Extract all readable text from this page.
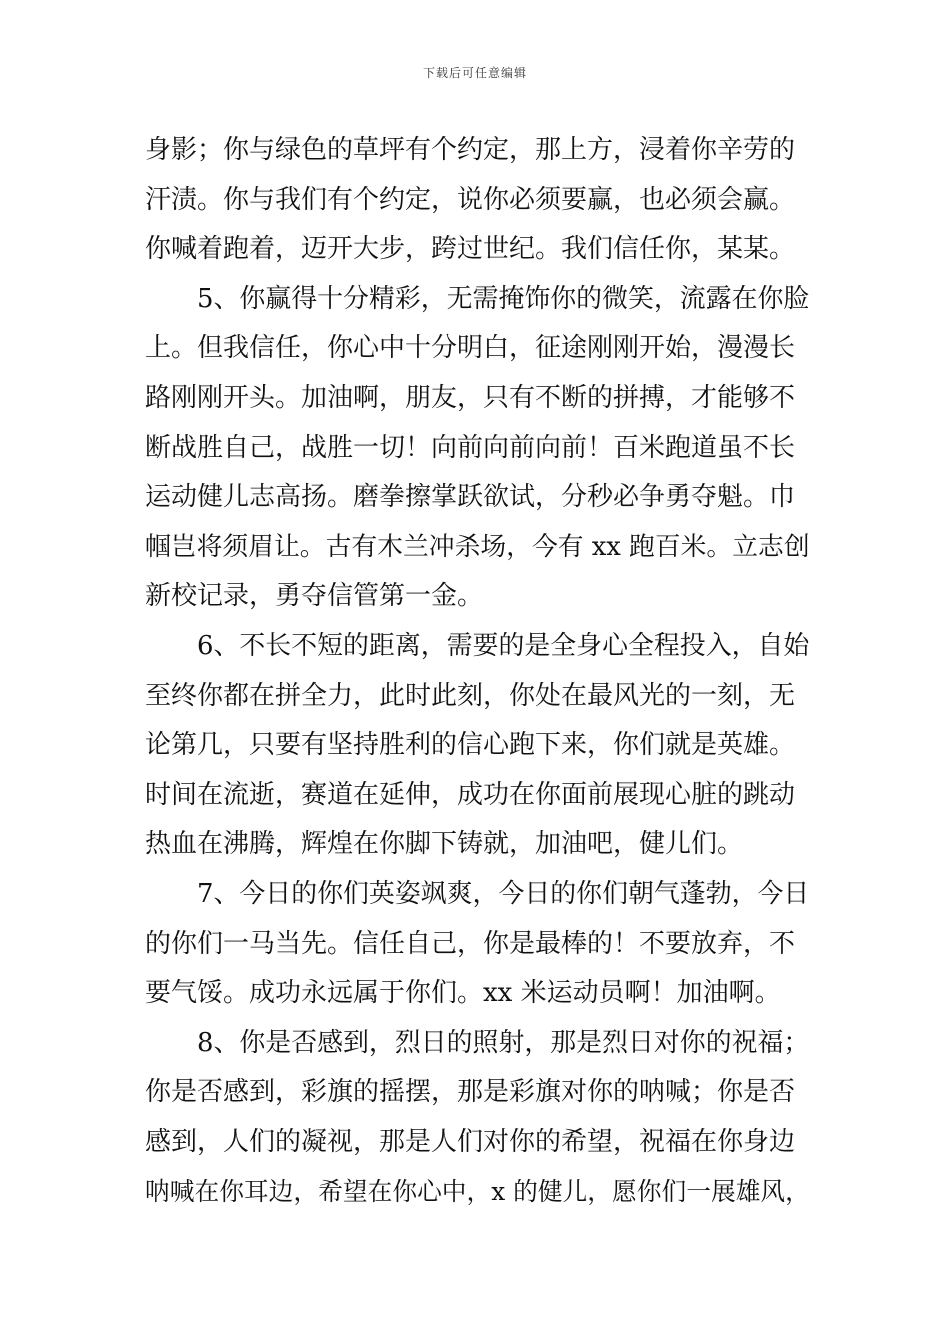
下载后可任意编辑
身影；你与绿色的草坪有个约定，那上方，浸着你辛劳的
汗渍。你与我们有个约定，说你必须要赢，也必须会赢。
你喊着跑着，迈开大步，跨过世纪。我们信任你，某某。
5、你赢得十分精彩，无需掩饰你的微笑，流露在你脸
上。但我信任，你心中十分明白，征途刚刚开始，漫漫长
路刚刚开头。加油啊，朋友，只有不断的拼搏，才能够不
断战胜自己，战胜一切！向前向前向前！百米跑道虽不长
运动健儿志高扬。磨拳擦掌跃欲试，分秒必争勇夺魁。巾
帼岂将须眉让。古有木兰冲杀场，今有 xx 跑百米。立志创
新校记录，勇夺信管第一金。
6、不长不短的距离，需要的是全身心全程投入，自始
至终你都在拼全力，此时此刻，你处在最风光的一刻，无
论第几，只要有坚持胜利的信心跑下来，你们就是英雄。
时间在流逝，赛道在延伸，成功在你面前展现心脏的跳动
热血在沸腾，辉煌在你脚下铸就，加油吧，健儿们。
7、今日的你们英姿飒爽，今日的你们朝气蓬勃，今日
的你们一马当先。信任自己，你是最棒的！不要放弃，不
要气馁。成功永远属于你们。xx 米运动员啊！加油啊。
8、你是否感到，烈日的照射，那是烈日对你的祝福；
你是否感到，彩旗的摇摆，那是彩旗对你的呐喊；你是否
感到，人们的凝视，那是人们对你的希望，祝福在你身边
呐喊在你耳边，希望在你心中，x 的健儿，愿你们一展雄风，
